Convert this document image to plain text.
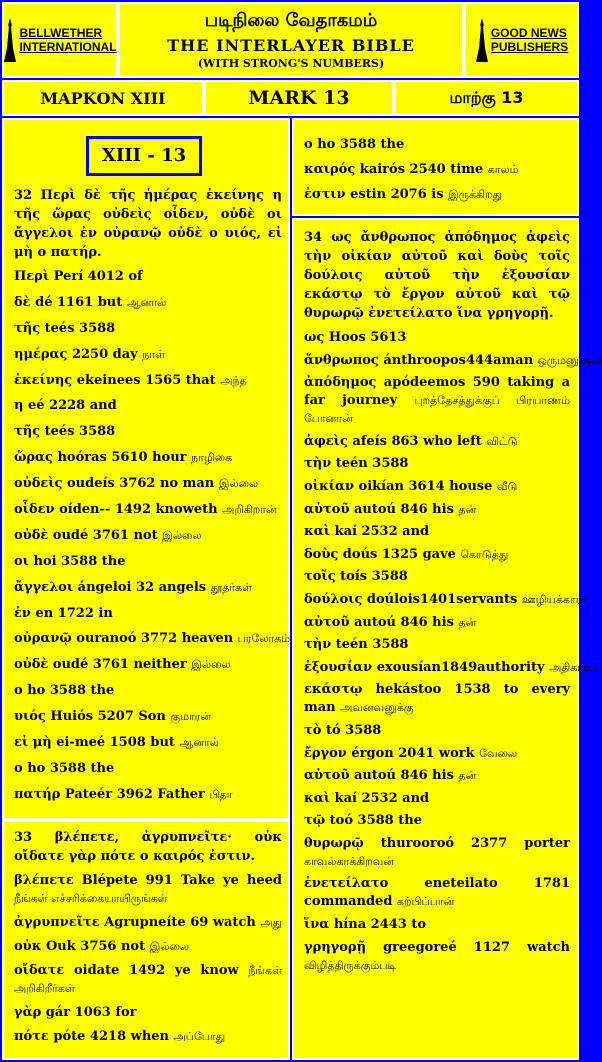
BELLWETHER
INTERNATIONAL
படிநிலை வேதாகமம்
THE INTERLAYER BIBLE
(WITH STRONG'S NUMBERS)
GOOD NEWS
PUBLISHERS
ΜΑΡΚΟΝ XIII	MARK 13	மாற்கு 13
XIII - 13
32 Περὶ δὲ τῆς ἡμέρας ἐκείνης η τῆς ὥρας οὐδεὶς οἶδεν, οὐδὲ οι ἄγγελοι ἐν οὐρανῷ οὐδὲ ο υιός, εἰ μὴ ο πατήρ.
Περὶ Perí 4012 of
δὲ dé 1161 but ஆனால்
τῆς teés 3588
ημέρας 2250 day நாள்
ἐκείνης ekeinees 1565 that அந்த
η eé 2228 and
τῆς teés 3588
ὥρας hoóras 5610 hour நாழிகை
οὐδεὶς oudeís 3762 no man இல்லை
οἶδεν oíden-- 1492 knoweth அறிகிறான்
οὐδὲ oudé 3761 not இல்லை
οι hoi 3588 the
ἄγγελοι ángeloi 32 angels தூதர்கள்
ἐν en 1722 in
οὐρανῷ ouranoó 3772 heaven பரலோகம்
οὐδὲ oudé 3761 neither இல்லை
ο ho 3588 the
υιός Huiós 5207 Son குமாரன்
εἰ μὴ ei-meé 1508 but ஆனால்
ο ho 3588 the
πατήρ Pateér 3962 Father பிதா
33 βλέπετε, ἀγρυπνεῖτε· οὐκ οἴδατε γὰρ πότε ο καιρός ἐστιν.
βλέπετε Blépete 991 Take ye heed நீங்கள் எச்சரிக்கையாயிருங்கள்
ἀγρυπνεῖτε Agrupneíte 69 watch அது
οὐκ Ouk 3756 not இல்லை
οἴδατε oidate 1492 ye know நீங்கள் அறிகிறீர்கள்
γὰρ gár 1063 for
πότε póte 4218 when அப்போது
ο ho 3588 the
καιρός kairós 2540 time காலம்
ἐστιν estin 2076 is இருக்கிறது
34 ως ἄνθρωπος ἀπόδημος ἀφεὶς τὴν οἰκίαν αὐτοῦ καὶ δοὺς τοῖς δούλοις αὐτοῦ τὴν ἐξουσίαν εκάστῳ τὸ ἔργον αὐτοῦ καὶ τῷ θυρωρῷ ἐνετείλατο ἵνα γρηγορῇ.
ως Hoos 5613
ἄνθρωπος ánthroopos444aman ஒருமனுஷன்
ἀπόδημος apódeemos 590 taking a far journey புறத்தேசத்துக்குப் பிரயாணம் போனான்
ἀφεὶς afeís 863 who left விட்டு
τὴν teén 3588
οἰκίαν oikían 3614 house வீடு
αὐτοῦ autoú 846 his தன்
καὶ kaí 2532 and
δοὺς doús 1325 gave கொடுத்து
τοῖς toís 3588
δούλοις doúlois1401servants ஊழியக்காரர்
αὐτοῦ autoú 846 his தன்
τὴν teén 3588
ἐξουσίαν exousían1849authority அதிகாரம்
εκάστῳ hekástoo 1538 to every man அவனவனுக்கு
τὸ tó 3588
ἔργον érgon 2041 work வேலை
αὐτοῦ autoú 846 his தன்
καὶ kaí 2532 and
τῷ toó 3588 the
θυρωρῷ thurooroó 2377 porter காவல்காக்கிறவன்
ἐνετείλατο eneteilato 1781 commanded கற்பிப்பான்
ἵνα hína 2443 to
γρηγορῇ greegoreé 1127 watch விழித்திருக்கும்படி
